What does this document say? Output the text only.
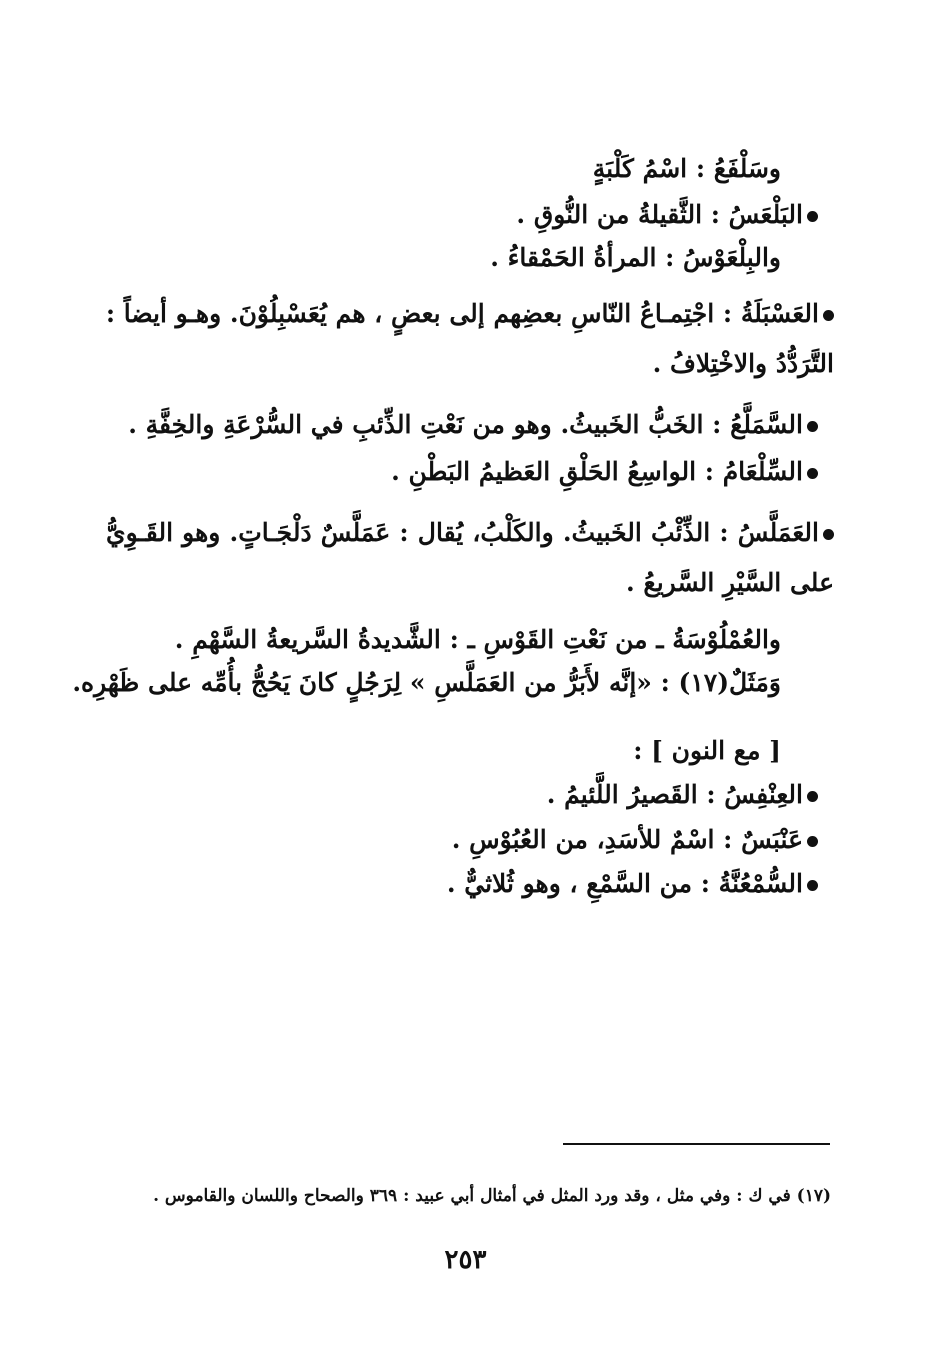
وسَلْفَعُ : اسْمُ كَلْبَةٍ
البَلْعَسُ : الثَّقيلةُ من النُّوقِ .
والبِلْعَوْسُ : المرأةُ الحَمْقاءُ .
العَسْبَلَةُ : اجْتِمـاعُ النّاسِ بعضِهم إلى بعضٍ ، هم يُعَسْبِلُوْنَ. وهـو أيضاً :
التَّرَدُّدُ والاخْتِلافُ .
السَّمَلَّعُ : الخَبُّ الخَبيثُ. وهو من نَعْتِ الذِّئبِ في السُّرْعَةِ والخِفَّةِ .
السِّلْعَامُ : الواسِعُ الحَلْقِ العَظيمُ البَطْنِ .
العَمَلَّسُ : الذِّئْبُ الخَبيثُ. والكَلْبُ، يُقال : عَمَلَّسٌ دَلْجَـاتٍ. وهو القَـوِيُّ
على السَّيْرِ السَّريعُ .
والعُمْلُوْسَةُ ـ من نَعْتِ القَوْسِ ـ : الشَّديدةُ السَّريعةُ السَّهْمِ .
وَمَثَلٌ(١٧) : «إنَّه لأَبَرُّ من العَمَلَّسِ » لِرَجُلٍ كانَ يَحُجُّ بأُمِّه على ظَهْرِه.
[ مع النون ] :
العِنْفِسُ : القَصيرُ اللَّئيمُ .
عَنْبَسٌ : اسْمٌ للأسَدِ، من العُبُوْسِ .
السُّمْعُنَّةُ : من السَّمْعِ ، وهو ثُلاثيٌّ .
(١٧) في ك : وفي مثل ، وقد ورد المثل في أمثال أبي عبيد : ٣٦٩ والصحاح واللسان والقاموس .
٢٥٣
